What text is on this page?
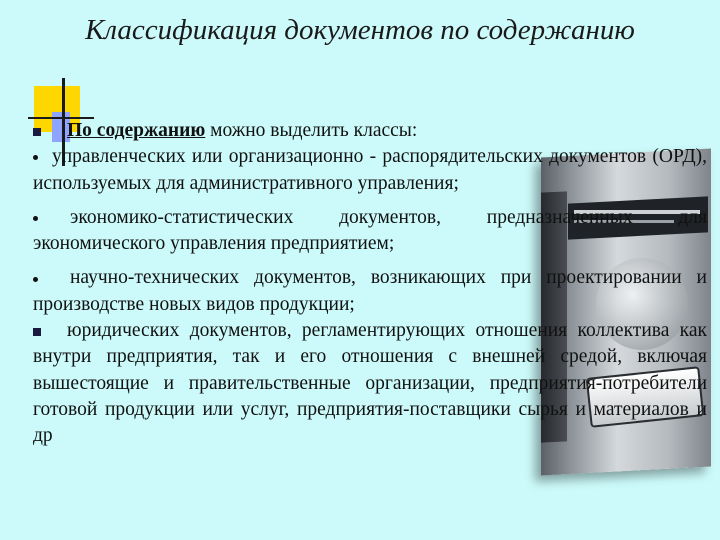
Классификация документов по содержанию

По содержанию можно выделить классы:

управленческих или организационно - распорядительских документов (ОРД), используемых для административного управления;

экономико-статистических документов, предназначенных для экономического управления предприятием;

научно-технических документов, возникающих при проектировании и производстве новых видов продукции;

юридических документов, регламентирующих отношения коллектива как внутри предприятия, так и его отношения с внешней средой, включая вышестоящие и правительственные организации, предприятия-потребители готовой продукции или услуг, предприятия-поставщики сырья и материалов и др
